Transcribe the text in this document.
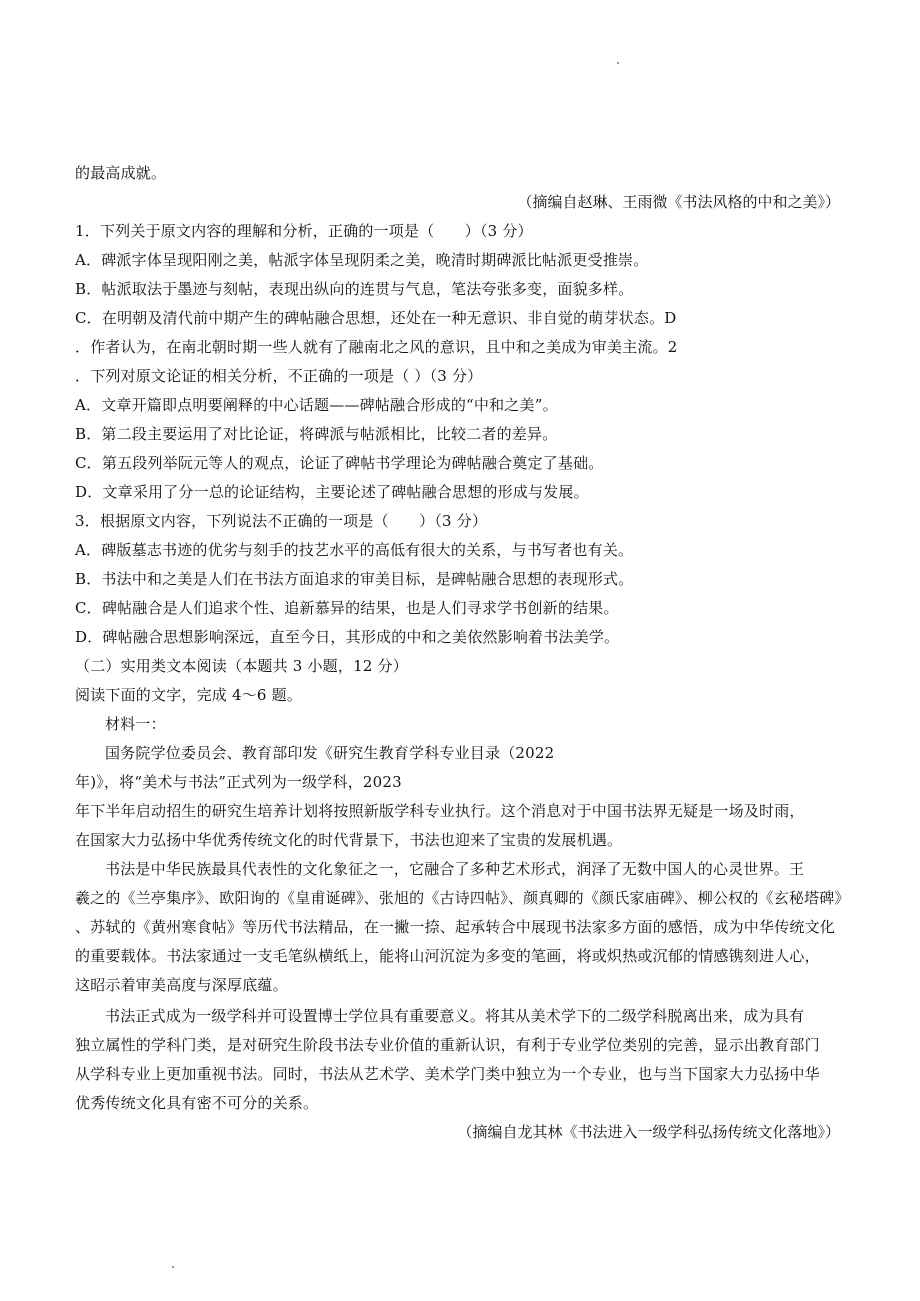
的最高成就。
（摘编自赵琳、王雨微《书法风格的中和之美》）
1．下列关于原文内容的理解和分析，正确的一项是（　　）（3 分）
A．碑派字体呈现阳刚之美，帖派字体呈现阴柔之美，晚清时期碑派比帖派更受推崇。
B．帖派取法于墨迹与刻帖，表现出纵向的连贯与气息，笔法夸张多变，面貌多样。
C．在明朝及清代前中期产生的碑帖融合思想，还处在一种无意识、非自觉的萌芽状态。D
．作者认为，在南北朝时期一些人就有了融南北之风的意识，且中和之美成为审美主流。2
．下列对原文论证的相关分析，不正确的一项是（ ）（3 分）
A．文章开篇即点明要阐释的中心话题——碑帖融合形成的“中和之美”。
B．第二段主要运用了对比论证，将碑派与帖派相比，比较二者的差异。
C．第五段列举阮元等人的观点，论证了碑帖书学理论为碑帖融合奠定了基础。
D．文章采用了分一总的论证结构，主要论述了碑帖融合思想的形成与发展。
3．根据原文内容，下列说法不正确的一项是（　　）（3 分）
A．碑版墓志书迹的优劣与刻手的技艺水平的高低有很大的关系，与书写者也有关。
B．书法中和之美是人们在书法方面追求的审美目标，是碑帖融合思想的表现形式。
C．碑帖融合是人们追求个性、追新慕异的结果，也是人们寻求学书创新的结果。
D．碑帖融合思想影响深远，直至今日，其形成的中和之美依然影响着书法美学。
（二）实用类文本阅读（本题共 3 小题，12 分）
阅读下面的文字，完成 4～6 题。
材料一：
国务院学位委员会、教育部印发《研究生教育学科专业目录（2022
年)》，将“美术与书法”正式列为一级学科，2023
年下半年启动招生的研究生培养计划将按照新版学科专业执行。这个消息对于中国书法界无疑是一场及时雨，
在国家大力弘扬中华优秀传统文化的时代背景下，书法也迎来了宝贵的发展机遇。
书法是中华民族最具代表性的文化象征之一，它融合了多种艺术形式，润泽了无数中国人的心灵世界。王
羲之的《兰亭集序》、欧阳询的《皇甫诞碑》、张旭的《古诗四帖》、颜真卿的《颜氏家庙碑》、柳公权的《玄秘塔碑》
、苏轼的《黄州寒食帖》等历代书法精品，在一撇一捺、起承转合中展现书法家多方面的感悟，成为中华传统文化
的重要载体。书法家通过一支毛笔纵横纸上，能将山河沉淀为多变的笔画，将或炽热或沉郁的情感镌刻进人心，
这昭示着审美高度与深厚底蕴。
书法正式成为一级学科并可设置博士学位具有重要意义。将其从美术学下的二级学科脱离出来，成为具有
独立属性的学科门类，是对研究生阶段书法专业价值的重新认识，有利于专业学位类别的完善，显示出教育部门
从学科专业上更加重视书法。同时，书法从艺术学、美术学门类中独立为一个专业，也与当下国家大力弘扬中华
优秀传统文化具有密不可分的关系。
（摘编自龙其林《书法进入一级学科弘扬传统文化落地》）
